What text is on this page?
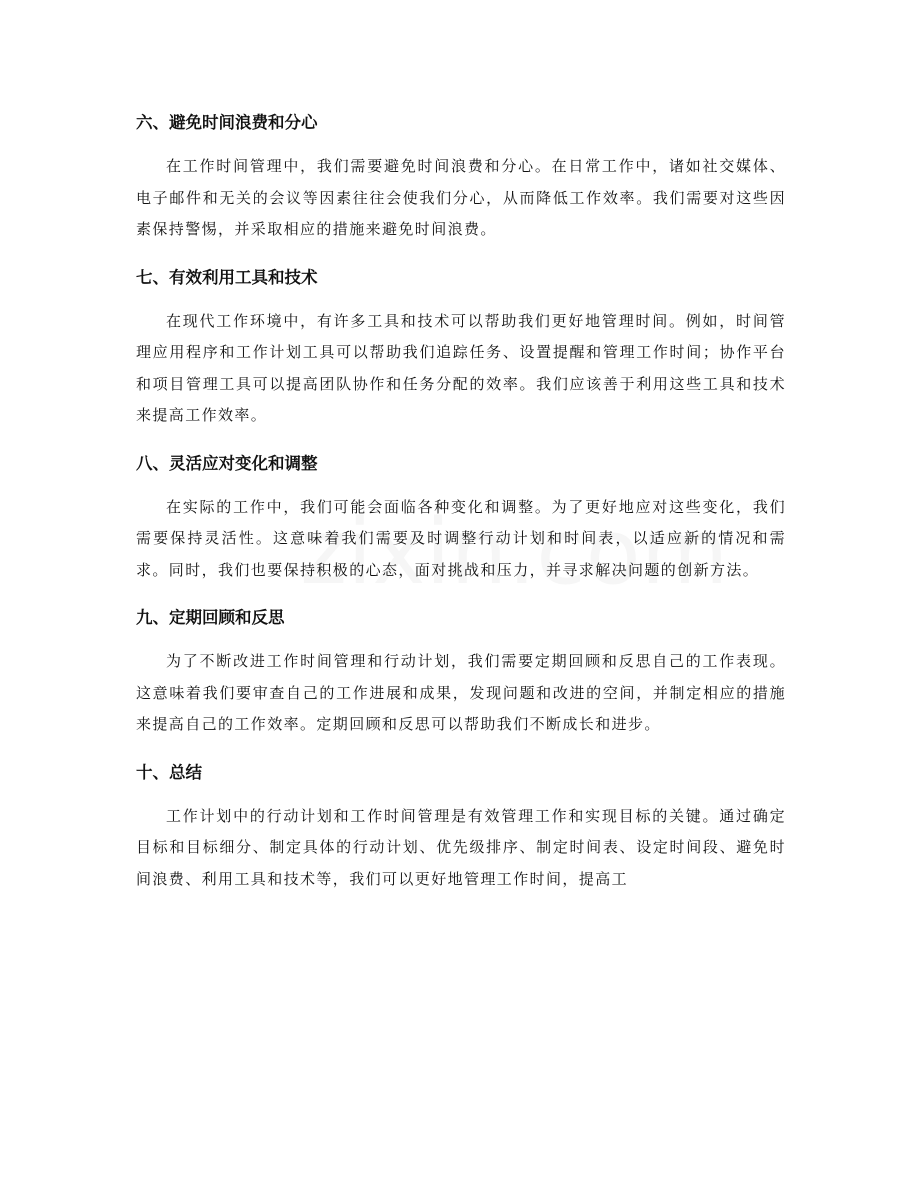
六、避免时间浪费和分心

在工作时间管理中，我们需要避免时间浪费和分心。在日常工作中，诸如社交媒体、电子邮件和无关的会议等因素往往会使我们分心，从而降低工作效率。我们需要对这些因素保持警惕，并采取相应的措施来避免时间浪费。

七、有效利用工具和技术

在现代工作环境中，有许多工具和技术可以帮助我们更好地管理时间。例如，时间管理应用程序和工作计划工具可以帮助我们追踪任务、设置提醒和管理工作时间；协作平台和项目管理工具可以提高团队协作和任务分配的效率。我们应该善于利用这些工具和技术来提高工作效率。

八、灵活应对变化和调整

在实际的工作中，我们可能会面临各种变化和调整。为了更好地应对这些变化，我们需要保持灵活性。这意味着我们需要及时调整行动计划和时间表，以适应新的情况和需求。同时，我们也要保持积极的心态，面对挑战和压力，并寻求解决问题的创新方法。

九、定期回顾和反思

为了不断改进工作时间管理和行动计划，我们需要定期回顾和反思自己的工作表现。这意味着我们要审查自己的工作进展和成果，发现问题和改进的空间，并制定相应的措施来提高自己的工作效率。定期回顾和反思可以帮助我们不断成长和进步。

十、总结

工作计划中的行动计划和工作时间管理是有效管理工作和实现目标的关键。通过确定目标和目标细分、制定具体的行动计划、优先级排序、制定时间表、设定时间段、避免时间浪费、利用工具和技术等，我们可以更好地管理工作时间，提高工
